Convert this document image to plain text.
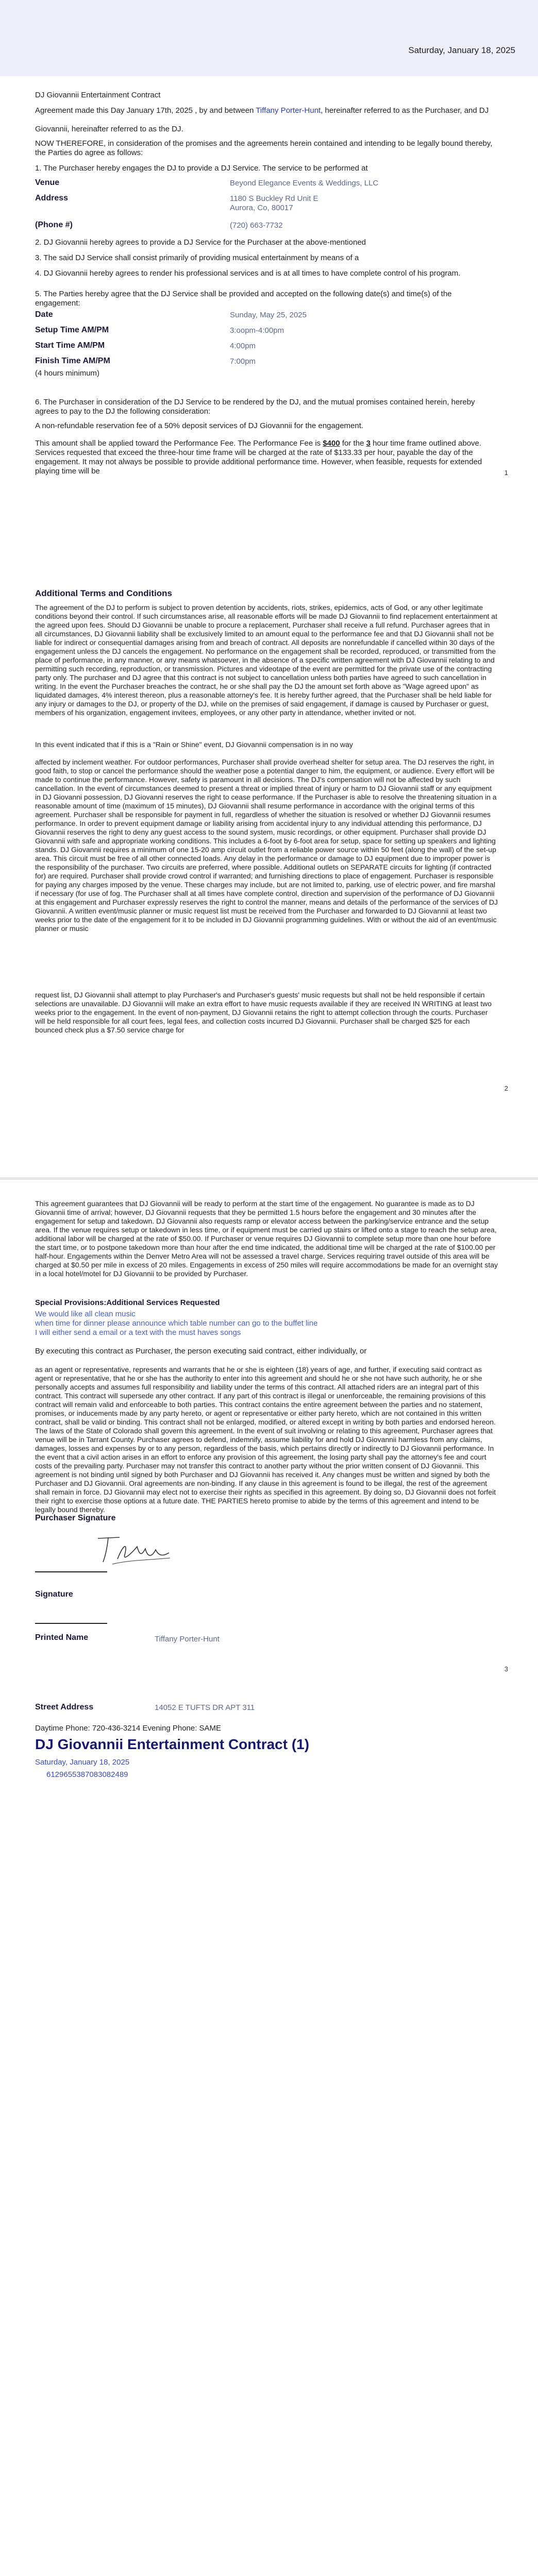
Saturday, January 18, 2025

DJ Giovannii Entertainment Contract

Agreement made this Day January 17th, 2025 , by and between Tiffany Porter-Hunt, hereinafter referred to as the Purchaser, and DJ

Giovannii, hereinafter referred to as the DJ.

NOW THEREFORE, in consideration of the promises and the agreements herein contained and intending to be legally bound thereby, the Parties do agree as follows:

1. The Purchaser hereby engages the DJ to provide a DJ Service. The service to be performed at

Venue	Beyond Elegance Events & Weddings, LLC
Address	1180 S Buckley Rd Unit E
Aurora, Co, 80017
(Phone #)	(720) 663-7732

2. DJ Giovannii hereby agrees to provide a DJ Service for the Purchaser at the above-mentioned

3. The said DJ Service shall consist primarily of providing musical entertainment by means of a

4. DJ Giovannii hereby agrees to render his professional services and is at all times to have complete control of his program.

5. The Parties hereby agree that the DJ Service shall be provided and accepted on the following date(s) and time(s) of the engagement:

Date	Sunday, May 25, 2025
Setup Time AM/PM	3:oopm-4:00pm
Start Time AM/PM	4:00pm
Finish Time AM/PM	7:00pm

(4 hours minimum)

6. The Purchaser in consideration of the DJ Service to be rendered by the DJ, and the mutual promises contained herein, hereby agrees to pay to the DJ the following consideration:

A non-refundable reservation fee of a 50% deposit services of DJ Giovannii for the engagement.

This amount shall be applied toward the Performance Fee. The Performance Fee is $400 for the 3 hour time frame outlined above. Services requested that exceed the three-hour time frame will be charged at the rate of $133.33 per hour, payable the day of the engagement. It may not always be possible to provide additional performance time. However, when feasible, requests for extended playing time will be	1

Additional Terms and Conditions

The agreement of the DJ to perform is subject to proven detention by accidents, riots, strikes, epidemics, acts of God, or any other legitimate conditions beyond their control. If such circumstances arise, all reasonable efforts will be made DJ Giovannii to find replacement entertainment at the agreed upon fees. Should DJ Giovannii be unable to procure a replacement, Purchaser shall receive a full refund. Purchaser agrees that in all circumstances, DJ Giovannii liability shall be exclusively limited to an amount equal to the performance fee and that DJ Giovannii shall not be liable for indirect or consequential damages arising from and breach of contract. All deposits are nonrefundable if cancelled within 30 days of the engagement unless the DJ cancels the engagement. No performance on the engagement shall be recorded, reproduced, or transmitted from the place of performance, in any manner, or any means whatsoever, in the absence of a specific written agreement with DJ Giovannii relating to and permitting such recording, reproduction, or transmission. Pictures and videotape of the event are permitted for the private use of the contracting party only. The purchaser and DJ agree that this contract is not subject to cancellation unless both parties have agreed to such cancellation in writing. In the event the Purchaser breaches the contract, he or she shall pay the DJ the amount set forth above as "Wage agreed upon" as liquidated damages, 4% interest thereon, plus a reasonable attorney's fee. It is hereby further agreed, that the Purchaser shall be held liable for any injury or damages to the DJ, or property of the DJ, while on the premises of said engagement, if damage is caused by Purchaser or guest, members of his organization, engagement invitees, employees, or any other party in attendance, whether invited or not.

In this event indicated that if this is a "Rain or Shine" event, DJ Giovannii compensation is in no way

affected by inclement weather. For outdoor performances, Purchaser shall provide overhead shelter for setup area. The DJ reserves the right, in good faith, to stop or cancel the performance should the weather pose a potential danger to him, the equipment, or audience. Every effort will be made to continue the performance. However, safety is paramount in all decisions. The DJ's compensation will not be affected by such cancellation. In the event of circumstances deemed to present a threat or implied threat of injury or harm to DJ Giovannii staff or any equipment in DJ Giovanni possession, DJ Giovanni reserves the right to cease performance. If the Purchaser is able to resolve the threatening situation in a reasonable amount of time (maximum of 15 minutes), DJ Giovannii shall resume performance in accordance with the original terms of this agreement. Purchaser shall be responsible for payment in full, regardless of whether the situation is resolved or whether DJ Giovannii resumes performance. In order to prevent equipment damage or liability arising from accidental injury to any individual attending this performance, DJ Giovannii reserves the right to deny any guest access to the sound system, music recordings, or other equipment. Purchaser shall provide DJ Giovannii with safe and appropriate working conditions. This includes a 6-foot by 6-foot area for setup, space for setting up speakers and lighting stands. DJ Giovannii requires a minimum of one 15-20 amp circuit outlet from a reliable power source within 50 feet (along the wall) of the set-up area. This circuit must be free of all other connected loads. Any delay in the performance or damage to DJ equipment due to improper power is the responsibility of the purchaser. Two circuits are preferred, where possible. Additional outlets on SEPARATE circuits for lighting (if contracted for) are required. Purchaser shall provide crowd control if warranted; and furnishing directions to place of engagement. Purchaser is responsible for paying any charges imposed by the venue. These charges may include, but are not limited to, parking, use of electric power, and fire marshal if necessary (for use of fog. The Purchaser shall at all times have complete control, direction and supervision of the performance of DJ Giovannii at this engagement and Purchaser expressly reserves the right to control the manner, means and details of the performance of the services of DJ Giovannii. A written event/music planner or music request list must be received from the Purchaser and forwarded to DJ Giovannii at least two weeks prior to the date of the engagement for it to be included in DJ Giovannii programming guidelines. With or without the aid of an event/music planner or music

request list, DJ Giovannii shall attempt to play Purchaser's and Purchaser's guests' music requests but shall not be held responsible if certain selections are unavailable. DJ Giovannii will make an extra effort to have music requests available if they are received IN WRITING at least two weeks prior to the engagement. In the event of non-payment, DJ Giovannii retains the right to attempt collection through the courts. Purchaser will be held responsible for all court fees, legal fees, and collection costs incurred DJ Giovannii. Purchaser shall be charged $25 for each bounced check plus a $7.50 service charge for

2

This agreement guarantees that DJ Giovannii will be ready to perform at the start time of the engagement. No guarantee is made as to DJ Giovannii time of arrival; however, DJ Giovannii requests that they be permitted 1.5 hours before the engagement and 30 minutes after the engagement for setup and takedown. DJ Giovannii also requests ramp or elevator access between the parking/service entrance and the setup area. If the venue requires setup or takedown in less time, or if equipment must be carried up stairs or lifted onto a stage to reach the setup area, additional labor will be charged at the rate of $50.00. If Purchaser or venue requires DJ Giovannii to complete setup more than one hour before the start time, or to postpone takedown more than hour after the end time indicated, the additional time will be charged at the rate of $100.00 per half-hour. Engagements within the Denver Metro Area will not be assessed a travel charge. Services requiring travel outside of this area will be charged at $0.50 per mile in excess of 20 miles. Engagements in excess of 250 miles will require accommodations be made for an overnight stay in a local hotel/motel for DJ Giovannii to be provided by Purchaser.

Special Provisions:Additional Services Requested

We would like all clean music

when time for dinner please announce which table number can go to the buffet line

I will either send a email or a text with the must haves songs

By executing this contract as Purchaser, the person executing said contract, either individually, or

as an agent or representative, represents and warrants that he or she is eighteen (18) years of age, and further, if executing said contract as agent or representative, that he or she has the authority to enter into this agreement and should he or she not have such authority, he or she personally accepts and assumes full responsibility and liability under the terms of this contract. All attached riders are an integral part of this contract. This contract will supersede any other contract. If any part of this contract is illegal or unenforceable, the remaining provisions of this contract will remain valid and enforceable to both parties. This contract contains the entire agreement between the parties and no statement, promises, or inducements made by any party hereto, or agent or representative or either party hereto, which are not contained in this written contract, shall be valid or binding. This contract shall not be enlarged, modified, or altered except in writing by both parties and endorsed hereon. The laws of the State of Colorado shall govern this agreement. In the event of suit involving or relating to this agreement, Purchaser agrees that venue will be in Tarrant County. Purchaser agrees to defend, indemnify, assume liability for and hold DJ Giovannii harmless from any claims, damages, losses and expenses by or to any person, regardless of the basis, which pertains directly or indirectly to DJ Giovannii performance. In the event that a civil action arises in an effort to enforce any provision of this agreement, the losing party shall pay the attorney's fee and court costs of the prevailing party. Purchaser may not transfer this contract to another party without the prior written consent of DJ Giovannii. This agreement is not binding until signed by both Purchaser and DJ Giovannii has received it. Any changes must be written and signed by both the Purchaser and DJ Giovannii. Oral agreements are non-binding. If any clause in this agreement is found to be illegal, the rest of the agreement shall remain in force. DJ Giovannii may elect not to exercise their rights as specified in this agreement. By doing so, DJ Giovannii does not forfeit their right to exercise those options at a future date. THE PARTIES hereto promise to abide by the terms of this agreement and intend to be legally bound thereby.

Purchaser Signature
Signature
Printed Name	Tiffany Porter-Hunt
3
Street Address	14052 E TUFTS DR APT 311

Daytime Phone: 720-436-3214 Evening Phone: SAME

DJ Giovannii Entertainment Contract (1)

Saturday, January 18, 2025

6129655387083082489
